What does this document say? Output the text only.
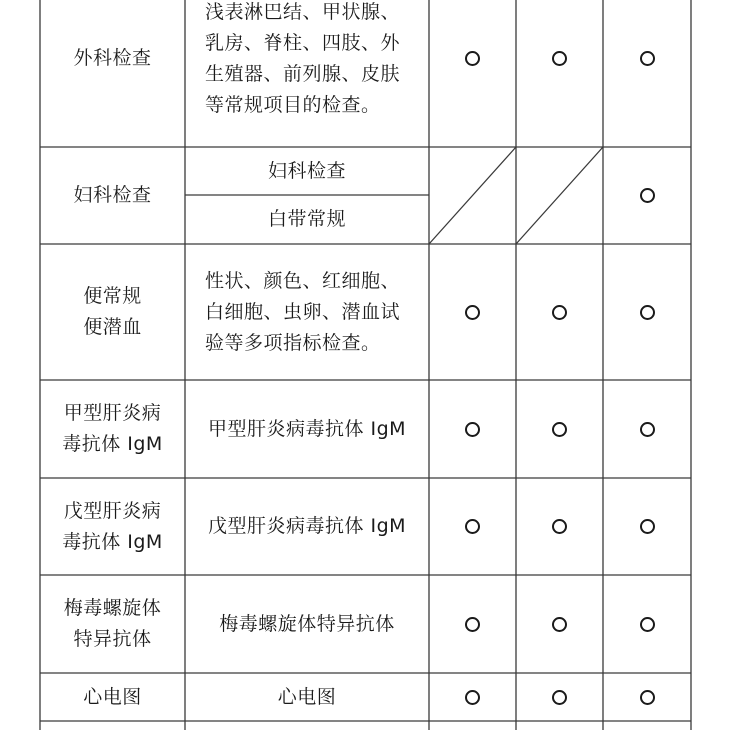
外科检查
浅表淋巴结、甲状腺、
乳房、脊柱、四肢、外
生殖器、前列腺、皮肤
等常规项目的检查。
妇科检查
妇科检查
白带常规
便常规
便潜血
性状、颜色、红细胞、
白细胞、虫卵、潜血试
验等多项指标检查。
甲型肝炎病
毒抗体 IgM
甲型肝炎病毒抗体 IgM
戊型肝炎病
毒抗体 IgM
戊型肝炎病毒抗体 IgM
梅毒螺旋体
特异抗体
梅毒螺旋体特异抗体
心电图	心电图
